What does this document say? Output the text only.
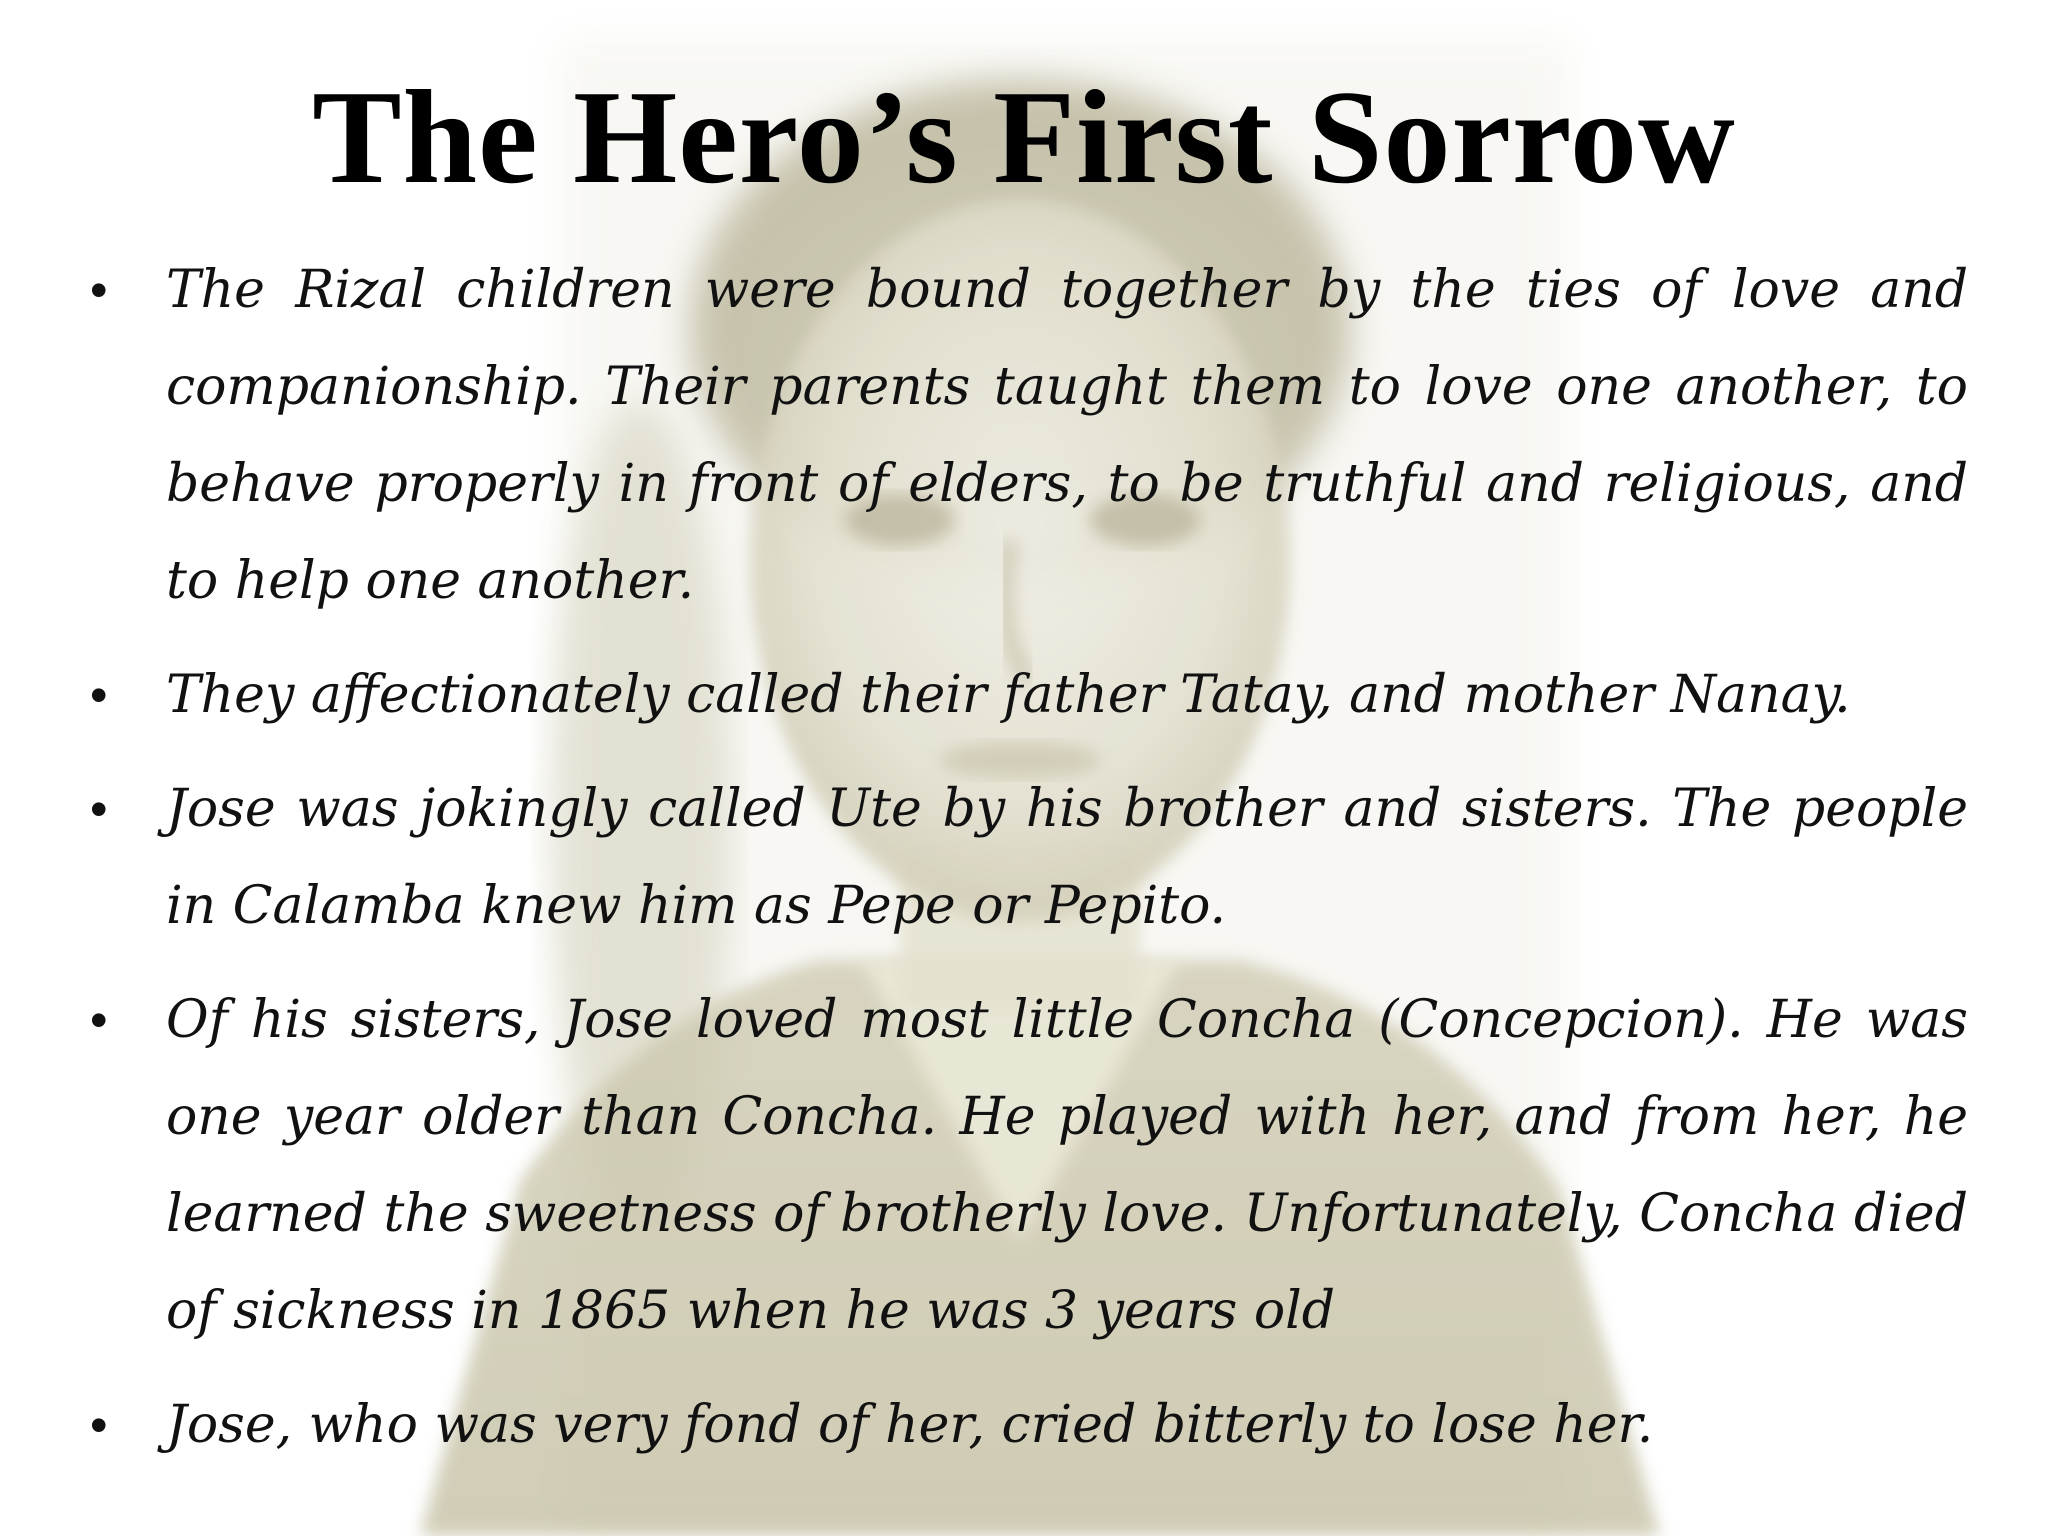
The Hero’s First Sorrow
• The Rizal children were bound together by the ties of love and companionship. Their parents taught them to love one another, to behave properly in front of elders, to be truthful and religious, and to help one another.
• They affectionately called their father Tatay, and mother Nanay.
• Jose was jokingly called Ute by his brother and sisters. The people in Calamba knew him as Pepe or Pepito.
• Of his sisters, Jose loved most little Concha (Concepcion). He was one year older than Concha. He played with her, and from her, he learned the sweetness of brotherly love. Unfortunately, Concha died of sickness in 1865 when he was 3 years old
• Jose, who was very fond of her, cried bitterly to lose her.
